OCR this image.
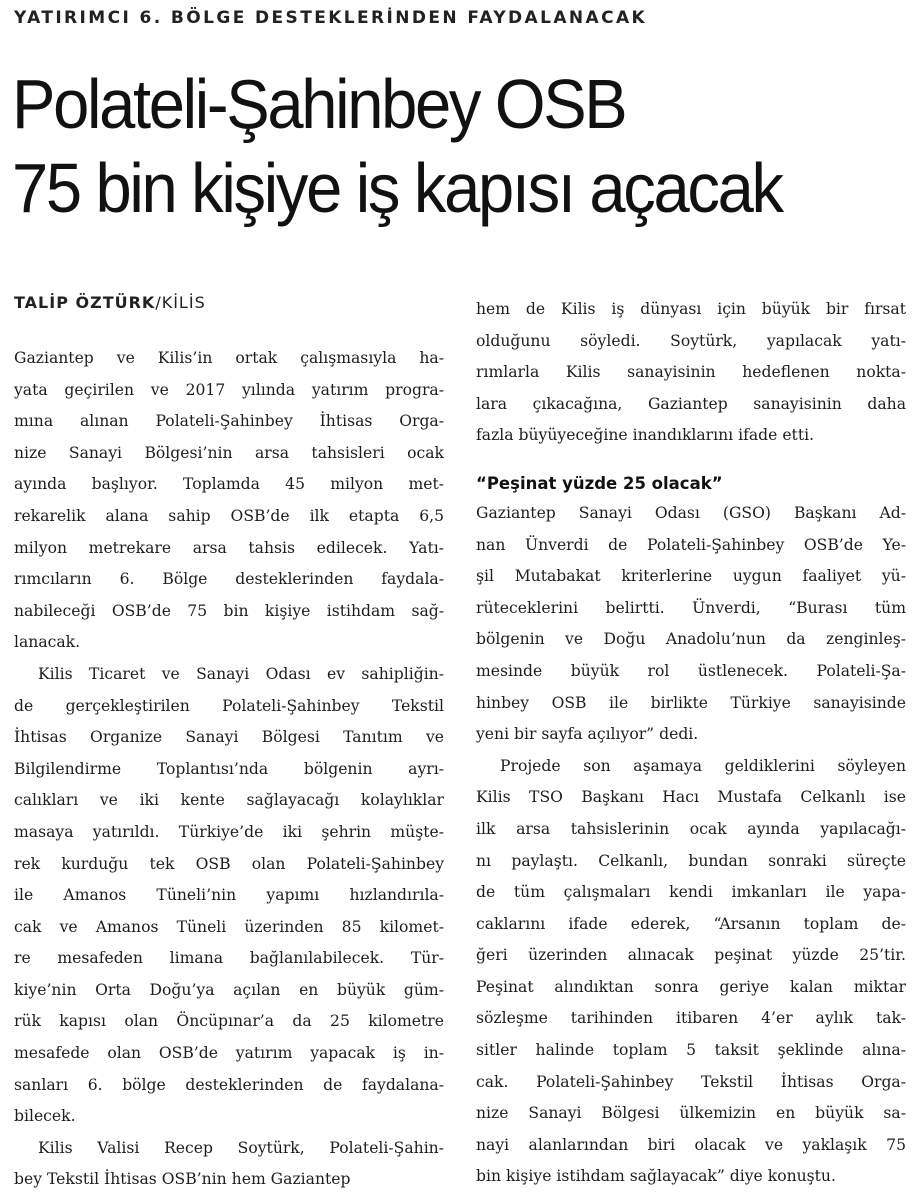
YATIRIMCI 6. BÖLGE DESTEKLERİNDEN FAYDALANACAK
Polateli-Şahinbey OSB
75 bin kişiye iş kapısı açacak
TALİP ÖZTÜRK/KİLİS
Gaziantep ve Kilis’in ortak çalışmasıyla ha-
yata geçirilen ve 2017 yılında yatırım progra-
mına alınan Polateli-Şahinbey İhtisas Orga-
nize Sanayi Bölgesi’nin arsa tahsisleri ocak
ayında başlıyor. Toplamda 45 milyon met-
rekarelik alana sahip OSB’de ilk etapta 6,5
milyon metrekare arsa tahsis edilecek. Yatı-
rımcıların 6. Bölge desteklerinden faydala-
nabileceği OSB’de 75 bin kişiye istihdam sağ-
lanacak.
Kilis Ticaret ve Sanayi Odası ev sahipliğin-
de gerçekleştirilen Polateli-Şahinbey Tekstil
İhtisas Organize Sanayi Bölgesi Tanıtım ve
Bilgilendirme Toplantısı’nda bölgenin ayrı-
calıkları ve iki kente sağlayacağı kolaylıklar
masaya yatırıldı. Türkiye’de iki şehrin müşte-
rek kurduğu tek OSB olan Polateli-Şahinbey
ile Amanos Tüneli’nin yapımı hızlandırıla-
cak ve Amanos Tüneli üzerinden 85 kilomet-
re mesafeden limana bağlanılabilecek. Tür-
kiye’nin Orta Doğu’ya açılan en büyük güm-
rük kapısı olan Öncüpınar’a da 25 kilometre
mesafede olan OSB’de yatırım yapacak iş in-
sanları 6. bölge desteklerinden de faydalana-
bilecek.
Kilis Valisi Recep Soytürk, Polateli-Şahin-
bey Tekstil İhtisas OSB’nin hem Gaziantep
hem de Kilis iş dünyası için büyük bir fırsat
olduğunu söyledi. Soytürk, yapılacak yatı-
rımlarla Kilis sanayisinin hedeflenen nokta-
lara çıkacağına, Gaziantep sanayisinin daha
fazla büyüyeceğine inandıklarını ifade etti.
“Peşinat yüzde 25 olacak”
Gaziantep Sanayi Odası (GSO) Başkanı Ad-
nan Ünverdi de Polateli-Şahinbey OSB’de Ye-
şil Mutabakat kriterlerine uygun faaliyet yü-
rüteceklerini belirtti. Ünverdi, “Burası tüm
bölgenin ve Doğu Anadolu’nun da zenginleş-
mesinde büyük rol üstlenecek. Polateli-Şa-
hinbey OSB ile birlikte Türkiye sanayisinde
yeni bir sayfa açılıyor” dedi.
Projede son aşamaya geldiklerini söyleyen
Kilis TSO Başkanı Hacı Mustafa Celkanlı ise
ilk arsa tahsislerinin ocak ayında yapılacağı-
nı paylaştı. Celkanlı, bundan sonraki süreçte
de tüm çalışmaları kendi imkanları ile yapa-
caklarını ifade ederek, “Arsanın toplam de-
ğeri üzerinden alınacak peşinat yüzde 25’tir.
Peşinat alındıktan sonra geriye kalan miktar
sözleşme tarihinden itibaren 4’er aylık tak-
sitler halinde toplam 5 taksit şeklinde alına-
cak. Polateli-Şahinbey Tekstil İhtisas Orga-
nize Sanayi Bölgesi ülkemizin en büyük sa-
nayi alanlarından biri olacak ve yaklaşık 75
bin kişiye istihdam sağlayacak” diye konuştu.
